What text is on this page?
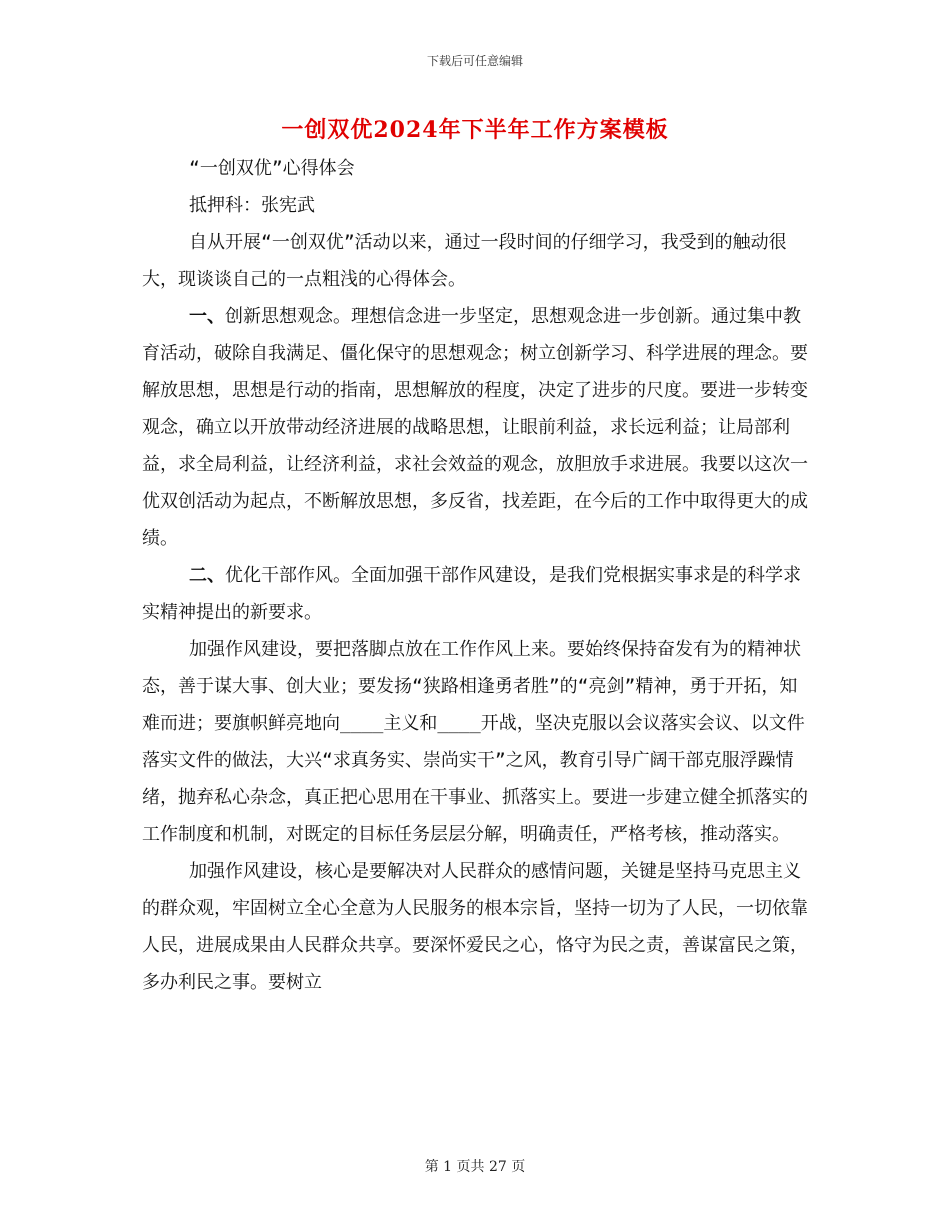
下载后可任意编辑
一创双优2024年下半年工作方案模板

“一创双优”心得体会

抵押科：张宪武

自从开展“一创双优”活动以来，通过一段时间的仔细学习，我受到的触动很大，现谈谈自己的一点粗浅的心得体会。

一、创新思想观念。理想信念进一步坚定，思想观念进一步创新。通过集中教育活动，破除自我满足、僵化保守的思想观念；树立创新学习、科学进展的理念。要解放思想，思想是行动的指南，思想解放的程度，决定了进步的尺度。要进一步转变观念，确立以开放带动经济进展的战略思想，让眼前利益，求长远利益；让局部利益，求全局利益，让经济利益，求社会效益的观念，放胆放手求进展。我要以这次一优双创活动为起点，不断解放思想，多反省，找差距，在今后的工作中取得更大的成绩。

二、优化干部作风。全面加强干部作风建设，是我们党根据实事求是的科学求实精神提出的新要求。

加强作风建设，要把落脚点放在工作作风上来。要始终保持奋发有为的精神状态，善于谋大事、创大业；要发扬“狭路相逢勇者胜”的“亮剑”精神，勇于开拓，知难而进；要旗帜鲜亮地向____主义和____开战，坚决克服以会议落实会议、以文件落实文件的做法，大兴“求真务实、崇尚实干”之风，教育引导广阔干部克服浮躁情绪，抛弃私心杂念，真正把心思用在干事业、抓落实上。要进一步建立健全抓落实的工作制度和机制，对既定的目标任务层层分解，明确责任，严格考核，推动落实。

加强作风建设，核心是要解决对人民群众的感情问题，关键是坚持马克思主义的群众观，牢固树立全心全意为人民服务的根本宗旨，坚持一切为了人民，一切依靠人民，进展成果由人民群众共享。要深怀爱民之心，恪守为民之责，善谋富民之策，多办利民之事。要树立

第 1 页共 27 页
